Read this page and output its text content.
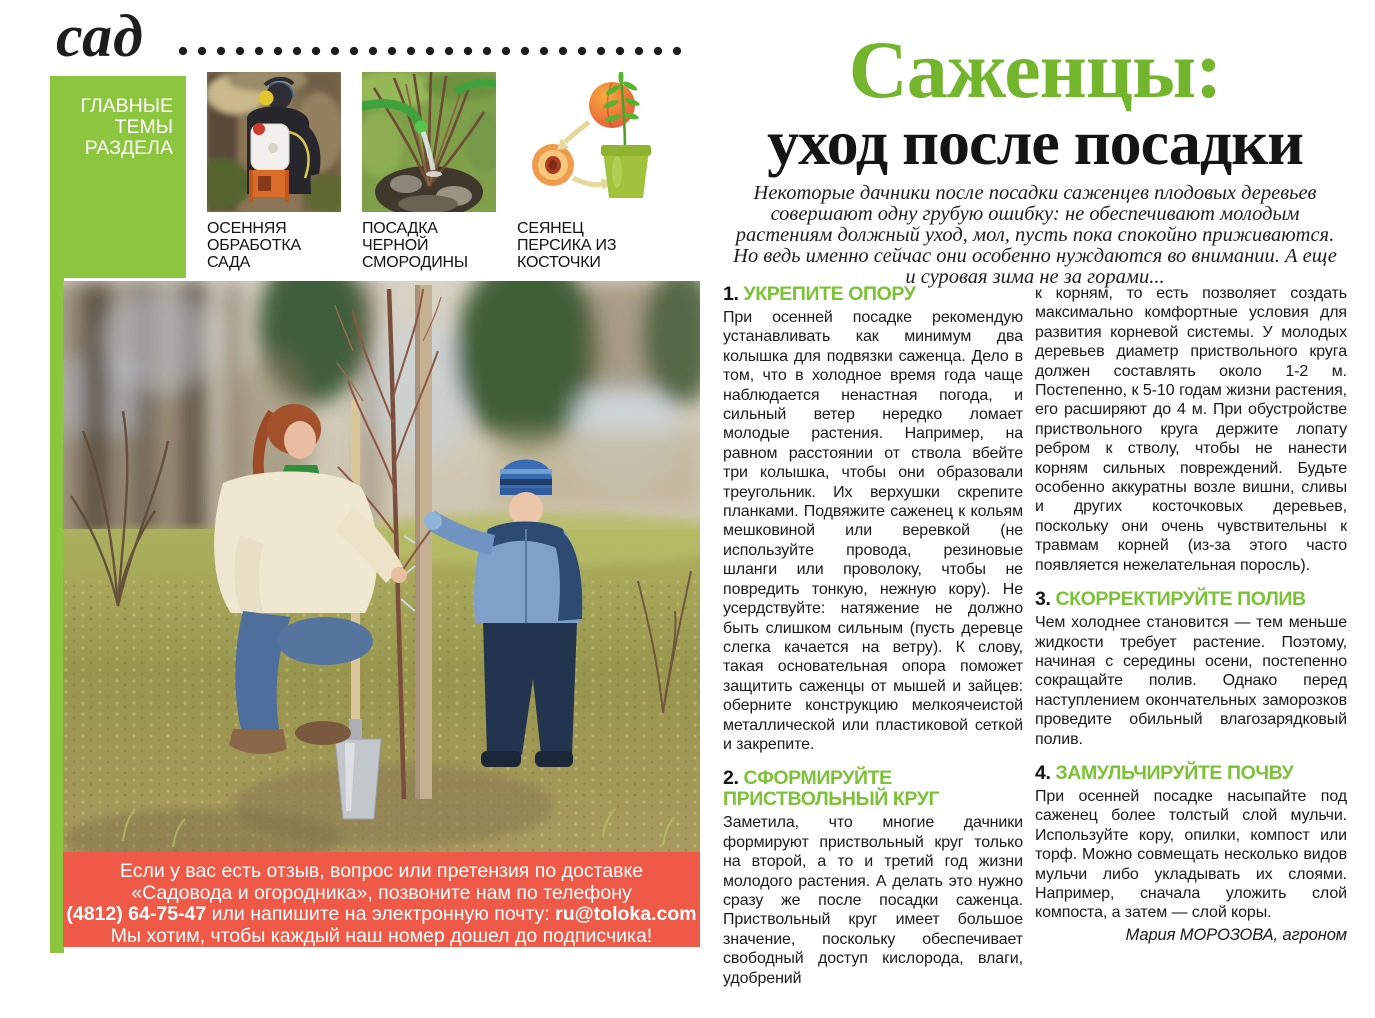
сад
ГЛАВНЫЕ ТЕМЫ РАЗДЕЛА
ОСЕННЯЯ ОБРАБОТКА САДА
ПОСАДКА ЧЕРНОЙ СМОРОДИНЫ
СЕЯНЕЦ ПЕРСИКА ИЗ КОСТОЧКИ
Если у вас есть отзыв, вопрос или претензия по доставке
«Садовода и огородника», позвоните нам по телефону
(4812) 64-75-47 или напишите на электронную почту: ru@toloka.com
Мы хотим, чтобы каждый наш номер дошел до подписчика!
Саженцы:
уход после посадки
Некоторые дачники после посадки саженцев плодовых деревьев совершают одну грубую ошибку: не обеспечивают молодым растениям должный уход, мол, пусть пока спокойно приживаются. Но ведь именно сейчас они особенно нуждаются во внимании. А еще и суровая зима не за горами...
1. УКРЕПИТЕ ОПОРУ

При осенней посадке рекомендую устанавливать как минимум два колышка для подвязки саженца. Дело в том, что в холодное время года чаще наблюдается ненастная погода, и сильный ветер нередко ломает молодые растения. Например, на равном расстоянии от ствола вбейте три колышка, чтобы они образовали треугольник. Их верхушки скрепите планками. Подвяжите саженец к кольям мешковиной или веревкой (не используйте провода, резиновые шланги или проволоку, чтобы не повредить тонкую, нежную кору). Не усердствуйте: натяжение не должно быть слишком сильным (пусть деревце слегка качается на ветру). К слову, такая основательная опора поможет защитить саженцы от мышей и зайцев: оберните конструкцию мелкоячеистой металлической или пластиковой сеткой и закрепите.

2. СФОРМИРУЙТЕ ПРИСТВОЛЬНЫЙ КРУГ

Заметила, что многие дачники формируют приствольный круг только на второй, а то и третий год жизни молодого растения. А делать это нужно сразу же после посадки саженца. Приствольный круг имеет большое значение, поскольку обеспечивает свободный доступ кислорода, влаги, удобрений

к корням, то есть позволяет создать максимально комфортные условия для развития корневой системы. У молодых деревьев диаметр приствольного круга должен составлять около 1-2 м. Постепенно, к 5-10 годам жизни растения, его расширяют до 4 м. При обустройстве приствольного круга держите лопату ребром к стволу, чтобы не нанести корням сильных повреждений. Будьте особенно аккуратны возле вишни, сливы и других косточковых деревьев, поскольку они очень чувствительны к травмам корней (из-за этого часто появляется нежелательная поросль).

3. СКОРРЕКТИРУЙТЕ ПОЛИВ

Чем холоднее становится — тем меньше жидкости требует растение. Поэтому, начиная с середины осени, постепенно сокращайте полив. Однако перед наступлением окончательных заморозков проведите обильный влагозарядковый полив.

4. ЗАМУЛЬЧИРУЙТЕ ПОЧВУ

При осенней посадке насыпайте под саженец более толстый слой мульчи. Используйте кору, опилки, компост или торф. Можно совмещать несколько видов мульчи либо укладывать их слоями. Например, сначала уложить слой компоста, а затем — слой коры.

Мария МОРОЗОВА, агроном
